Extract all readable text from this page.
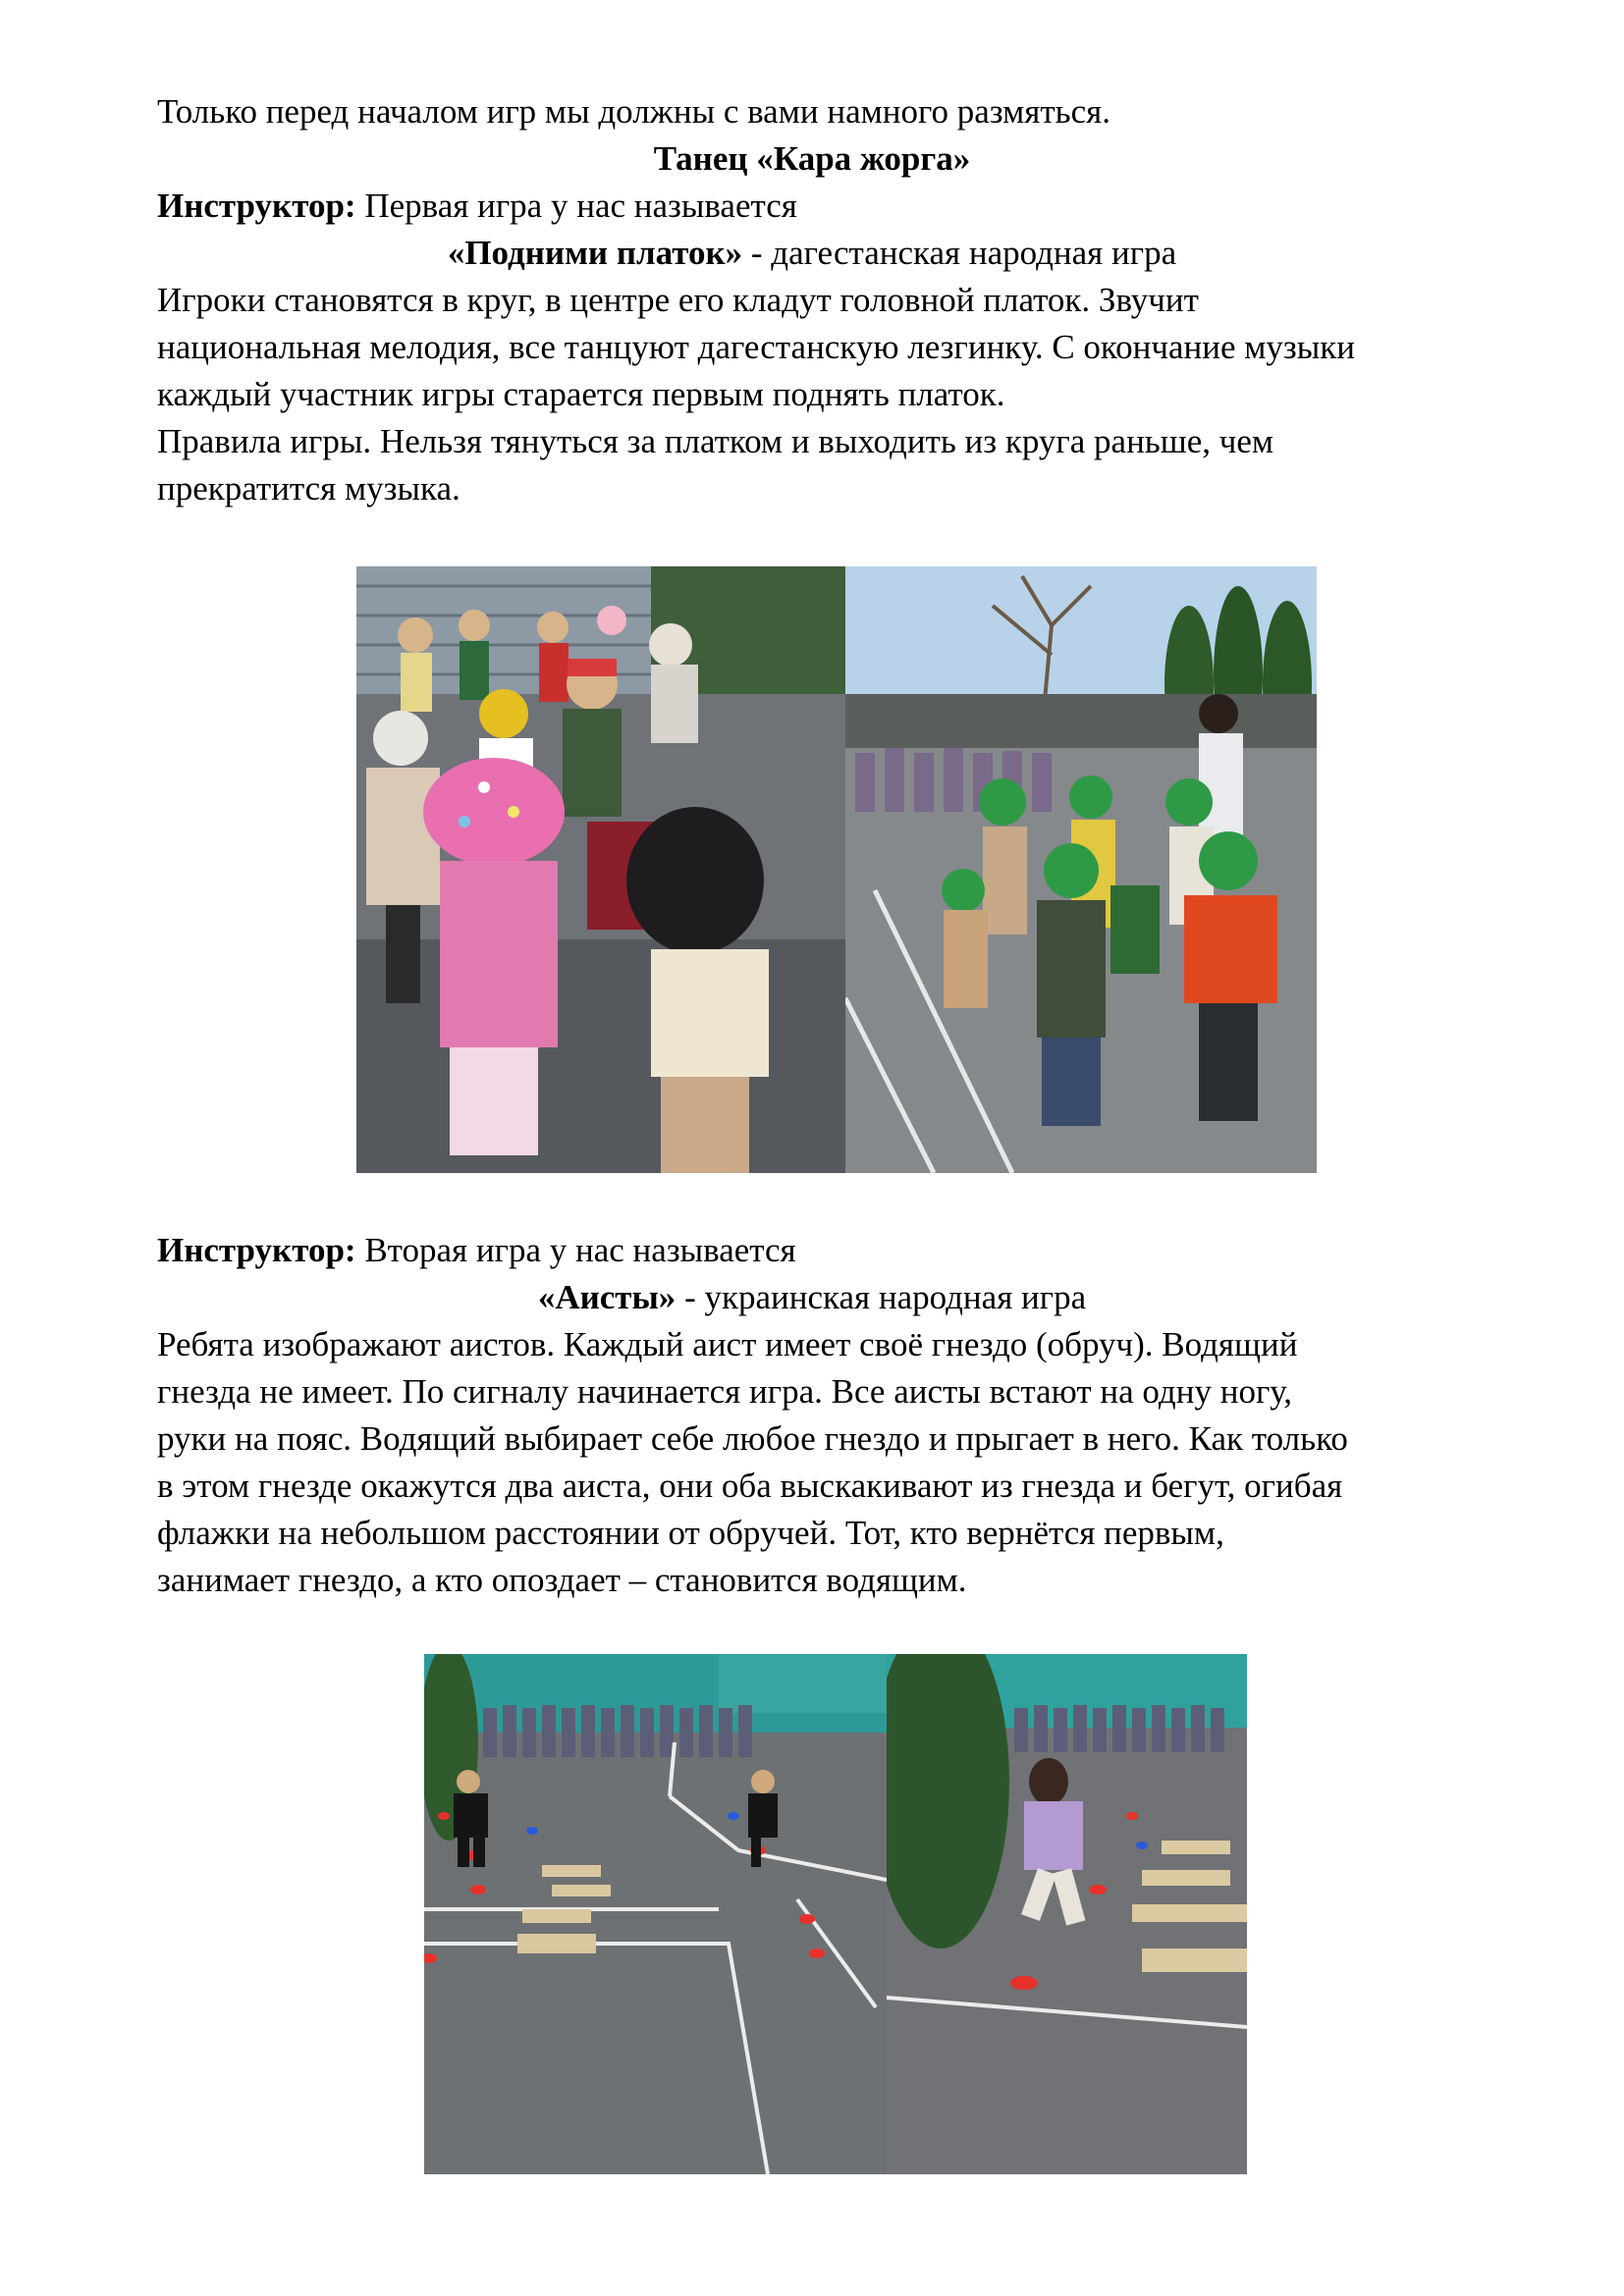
Только перед началом игр мы должны с вами намного размяться.
Танец «Кара жорга»
Инструктор: Первая игра у нас называется
«Подними платок» - дагестанская народная игра
Игроки становятся в круг, в центре его кладут головной платок. Звучит
национальная мелодия, все танцуют дагестанскую лезгинку. С окончание музыки
каждый участник игры старается первым поднять платок.
Правила игры. Нельзя тянуться за платком и выходить из круга раньше, чем
прекратится музыка.
Инструктор: Вторая игра у нас называется
«Аисты» - украинская народная игра
Ребята изображают аистов. Каждый аист имеет своё гнездо (обруч). Водящий
гнезда не имеет. По сигналу начинается игра. Все аисты встают на одну ногу,
руки на пояс. Водящий выбирает себе любое гнездо и прыгает в него. Как только
в этом гнезде окажутся два аиста, они оба выскакивают из гнезда и бегут, огибая
флажки на небольшом расстоянии от обручей. Тот, кто вернётся первым,
занимает гнездо, а кто опоздает – становится водящим.
